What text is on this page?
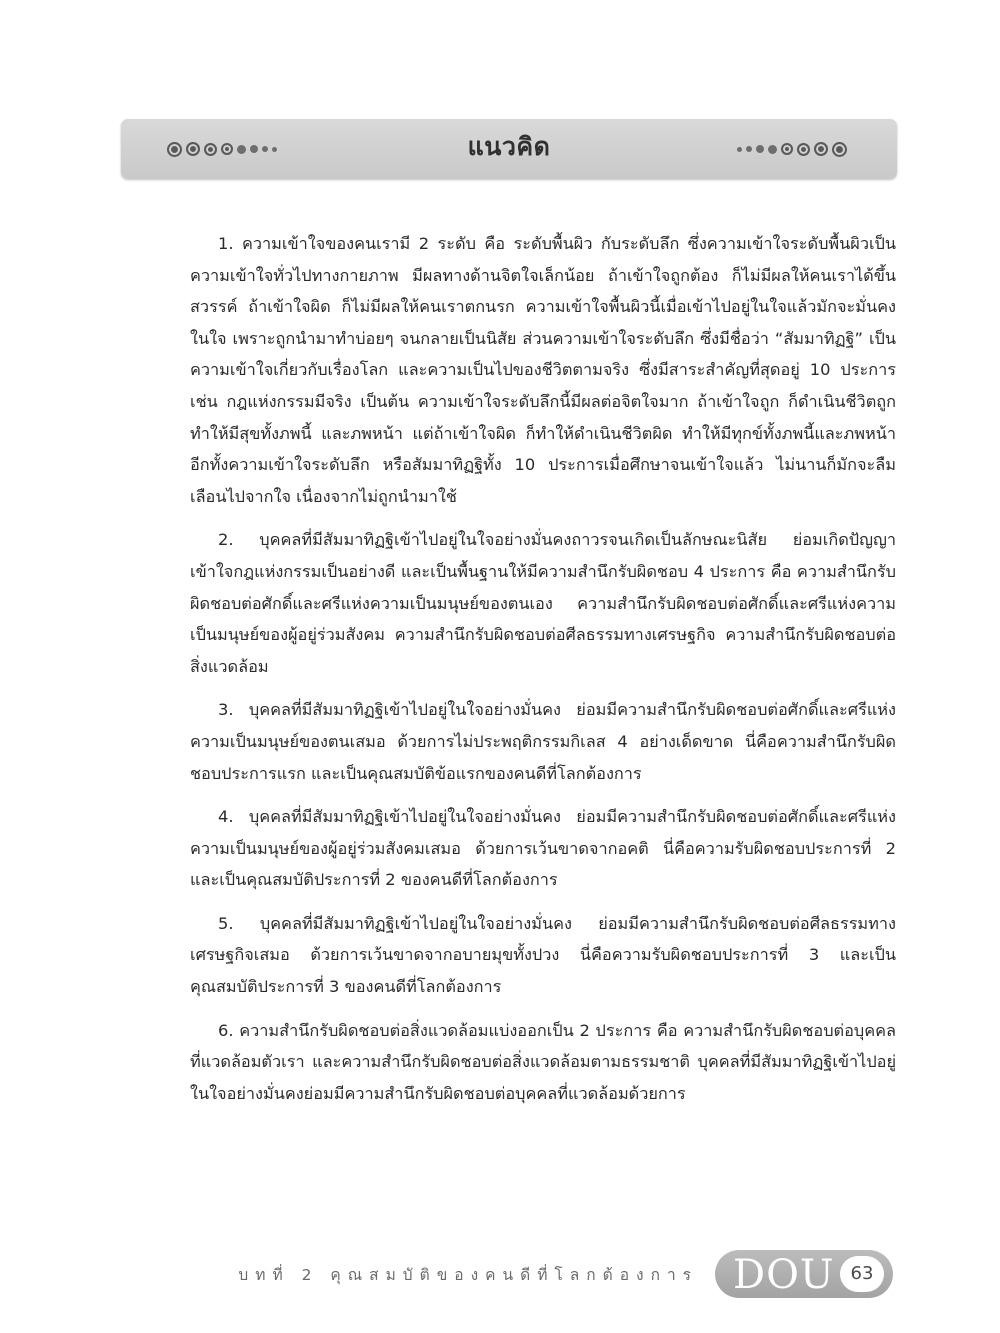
แนวคิด

1. ความเข้าใจของคนเรามี 2 ระดับ คือ ระดับพื้นผิว กับระดับลึก ซึ่งความเข้าใจระดับพื้นผิวเป็นความเข้าใจทั่วไปทางกายภาพ มีผลทางด้านจิตใจเล็กน้อย ถ้าเข้าใจถูกต้อง ก็ไม่มีผลให้คนเราได้ขึ้นสวรรค์ ถ้าเข้าใจผิด ก็ไม่มีผลให้คนเราตกนรก ความเข้าใจพื้นผิวนี้เมื่อเข้าไปอยู่ในใจแล้วมักจะมั่นคงในใจ เพราะถูกนำมาทำบ่อยๆ จนกลายเป็นนิสัย ส่วนความเข้าใจระดับลึก ซึ่งมีชื่อว่า “สัมมาทิฏฐิ” เป็นความเข้าใจเกี่ยวกับเรื่องโลก และความเป็นไปของชีวิตตามจริง ซึ่งมีสาระสำคัญที่สุดอยู่ 10 ประการ เช่น กฎแห่งกรรมมีจริง เป็นต้น ความเข้าใจระดับลึกนี้มีผลต่อจิตใจมาก ถ้าเข้าใจถูก ก็ดำเนินชีวิตถูก ทำให้มีสุขทั้งภพนี้ และภพหน้า แต่ถ้าเข้าใจผิด ก็ทำให้ดำเนินชีวิตผิด ทำให้มีทุกข์ทั้งภพนี้และภพหน้า อีกทั้งความเข้าใจระดับลึก หรือสัมมาทิฏฐิทั้ง 10 ประการเมื่อศึกษาจนเข้าใจแล้ว ไม่นานก็มักจะลืมเลือนไปจากใจ เนื่องจากไม่ถูกนำมาใช้

2. บุคคลที่มีสัมมาทิฏฐิเข้าไปอยู่ในใจอย่างมั่นคงถาวรจนเกิดเป็นลักษณะนิสัย ย่อมเกิดปัญญาเข้าใจกฎแห่งกรรมเป็นอย่างดี และเป็นพื้นฐานให้มีความสำนึกรับผิดชอบ 4 ประการ คือ ความสำนึกรับผิดชอบต่อศักดิ์และศรีแห่งความเป็นมนุษย์ของตนเอง ความสำนึกรับผิดชอบต่อศักดิ์และศรีแห่งความเป็นมนุษย์ของผู้อยู่ร่วมสังคม ความสำนึกรับผิดชอบต่อศีลธรรมทางเศรษฐกิจ ความสำนึกรับผิดชอบต่อสิ่งแวดล้อม

3. บุคคลที่มีสัมมาทิฏฐิเข้าไปอยู่ในใจอย่างมั่นคง ย่อมมีความสำนึกรับผิดชอบต่อศักดิ์และศรีแห่งความเป็นมนุษย์ของตนเสมอ ด้วยการไม่ประพฤติกรรมกิเลส 4 อย่างเด็ดขาด นี่คือความสำนึกรับผิดชอบประการแรก และเป็นคุณสมบัติข้อแรกของคนดีที่โลกต้องการ

4. บุคคลที่มีสัมมาทิฏฐิเข้าไปอยู่ในใจอย่างมั่นคง ย่อมมีความสำนึกรับผิดชอบต่อศักดิ์และศรีแห่งความเป็นมนุษย์ของผู้อยู่ร่วมสังคมเสมอ ด้วยการเว้นขาดจากอคติ นี่คือความรับผิดชอบประการที่ 2 และเป็นคุณสมบัติประการที่ 2 ของคนดีที่โลกต้องการ

5. บุคคลที่มีสัมมาทิฏฐิเข้าไปอยู่ในใจอย่างมั่นคง ย่อมมีความสำนึกรับผิดชอบต่อศีลธรรมทางเศรษฐกิจเสมอ ด้วยการเว้นขาดจากอบายมุขทั้งปวง นี่คือความรับผิดชอบประการที่ 3 และเป็นคุณสมบัติประการที่ 3 ของคนดีที่โลกต้องการ

6. ความสำนึกรับผิดชอบต่อสิ่งแวดล้อมแบ่งออกเป็น 2 ประการ คือ ความสำนึกรับผิดชอบต่อบุคคลที่แวดล้อมตัวเรา และความสำนึกรับผิดชอบต่อสิ่งแวดล้อมตามธรรมชาติ บุคคลที่มีสัมมาทิฏฐิเข้าไปอยู่ในใจอย่างมั่นคงย่อมมีความสำนึกรับผิดชอบต่อบุคคลที่แวดล้อมด้วยการ

บทที่ 2 คุณสมบัติของคนดีที่โลกต้องการ DOU 63
